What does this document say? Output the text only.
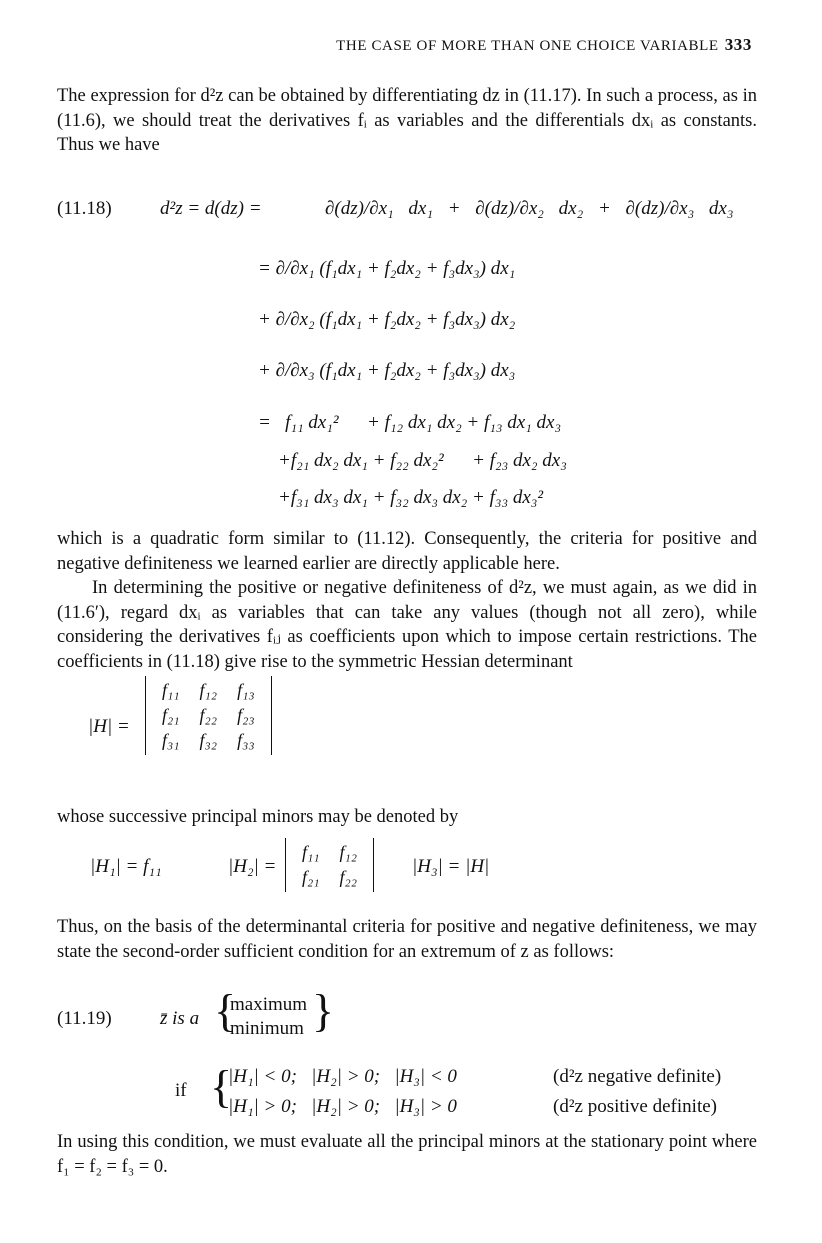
THE CASE OF MORE THAN ONE CHOICE VARIABLE 333
The expression for d²z can be obtained by differentiating dz in (11.17). In such a process, as in (11.6), we should treat the derivatives fᵢ as variables and the differentials dxᵢ as constants. Thus we have
(11.18)	d²z = d(dz) =	∂(dz)/∂x₁ dx₁ + ∂(dz)/∂x₂ dx₂ + ∂(dz)/∂x₃ dx₃
= ∂/∂x₁ (f₁dx₁ + f₂dx₂ + f₃dx₃) dx₁
+ ∂/∂x₂ (f₁dx₁ + f₂dx₂ + f₃dx₃) dx₂
+ ∂/∂x₃ (f₁dx₁ + f₂dx₂ + f₃dx₃) dx₃
=   f₁₁ dx₁²      + f₁₂ dx₁ dx₂ + f₁₃ dx₁ dx₃
+f₂₁ dx₂ dx₁ + f₂₂ dx₂²      + f₂₃ dx₂ dx₃
+f₃₁ dx₃ dx₁ + f₃₂ dx₃ dx₂ + f₃₃ dx₃²
which is a quadratic form similar to (11.12). Consequently, the criteria for positive and negative definiteness we learned earlier are directly applicable here.
In determining the positive or negative definiteness of d²z, we must again, as we did in (11.6′), regard dxᵢ as variables that can take any values (though not all zero), while considering the derivatives fᵢⱼ as coefficients upon which to impose certain restrictions. The coefficients in (11.18) give rise to the symmetric Hessian determinant
|H| =
f₁₁	f₁₂	f₁₃
f₂₁	f₂₂	f₂₃
f₃₁	f₃₂	f₃₃
whose successive principal minors may be denoted by
|H₁| = f₁₁	|H₂| =
f₁₁	f₁₂
f₂₁	f₂₂	|H₃| = |H|
Thus, on the basis of the determinantal criteria for positive and negative definiteness, we may state the second-order sufficient condition for an extremum of z as follows:
(11.19)	z̄ is a {
maximum
minimum }
if {
|H₁| < 0;   |H₂| > 0;   |H₃| < 0	(d²z negative definite)
|H₁| > 0;   |H₂| > 0;   |H₃| > 0	(d²z positive definite)
In using this condition, we must evaluate all the principal minors at the stationary point where f₁ = f₂ = f₃ = 0.
